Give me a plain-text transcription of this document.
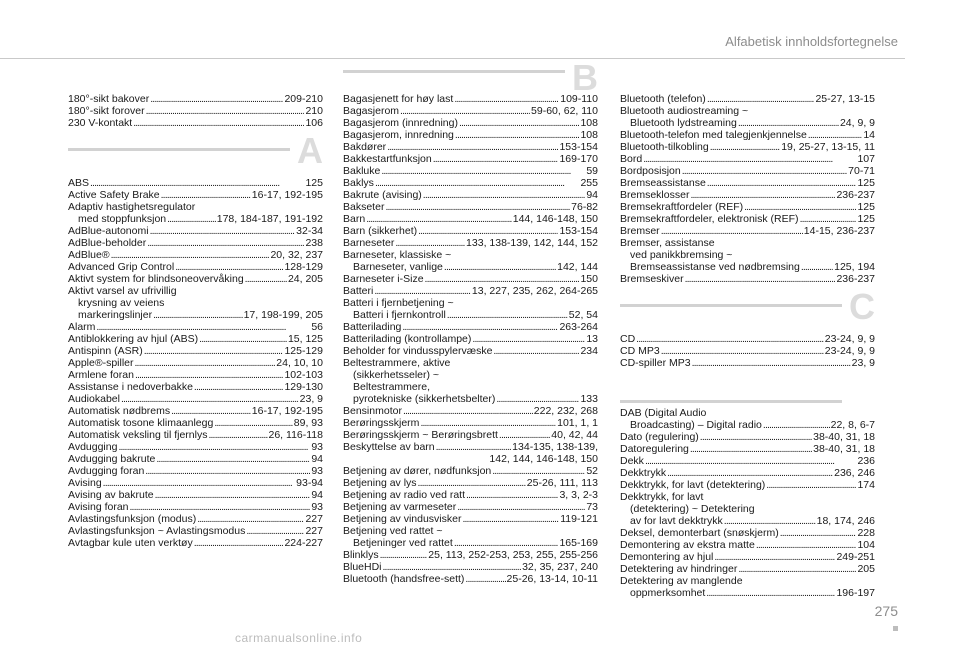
Alfabetisk innholdsfortegnelse
B
180°-sikt bakover . . .	209-210
180°-sikt forover . . .	210
230 V-kontakt . . .	106
A
ABS . . .	125
Active Safety Brake . . .	16-17, 192-195
Adaptiv hastighetsregulator
med stoppfunksjon . . .	178, 184-187, 191-192
AdBlue-autonomi . . .	32-34
AdBlue-beholder . . .	238
AdBlue® . . .	20, 32, 237
Advanced Grip Control . . .	128-129
Aktivt system for blindsoneovervåking . . .	24, 205
Aktivt varsel av ufrivillig
krysning av veiens
markeringslinjer . . .	17, 198-199, 205
Alarm . . .	56
Antiblokkering av hjul (ABS) . . .	15, 125
Antispinn (ASR) . . .	125-129
Apple®-spiller . . .	24, 10, 10
Armlene foran . . .	102-103
Assistanse i nedoverbakke . . .	129-130
Audiokabel . . .	23, 9
Automatisk nødbrems . . .	16-17, 192-195
Automatisk tosone klimaanlegg . . .	89, 93
Automatisk veksling til fjernlys . . .	26, 116-118
Avdugging . . .	93
Avdugging bakrute . . .	94
Avdugging foran . . .	93
Avising . . .	93-94
Avising av bakrute . . .	94
Avising foran . . .	93
Avlastingsfunksjon (modus) . . .	227
Avlastingsfunksjon ~ Avlastingsmodus . . .	227
Avtagbar kule uten verktøy . . .	224-227
Bagasjenett for høy last . . .	109-110
Bagasjerom . . .	59-60, 62, 110
Bagasjerom (innredning) . . .	108
Bagasjerom, innredning . . .	108
Bakdører . . .	153-154
Bakkestartfunksjon . . .	169-170
Bakluke . . .	59
Baklys . . .	255
Bakrute (avising) . . .	94
Bakseter . . .	76-82
Barn . . .	144, 146-148, 150
Barn (sikkerhet) . . .	153-154
Barneseter . . .	133, 138-139, 142, 144, 152
Barneseter, klassiske ~
Barneseter, vanlige . . .	142, 144
Barneseter i-Size . . .	150
Batteri . . .	13, 227, 235, 262, 264-265
Batteri i fjernbetjening ~
Batteri i fjernkontroll . . .	52, 54
Batterilading . . .	263-264
Batterilading (kontrollampe) . . .	13
Beholder for vindusspylervæske . . .	234
Beltestrammere, aktive
(sikkerhetsseler) ~
Beltestrammere,
pyrotekniske (sikkerhetsbelter) . . .	133
Bensinmotor . . .	222, 232, 268
Berøringsskjerm . . .	101, 1, 1
Berøringsskjerm ~ Berøringsbrett . . .	40, 42, 44
Beskyttelse av barn . . .	134-135, 138-139,
142, 144, 146-148, 150
Betjening av dører, nødfunksjon . . .	52
Betjening av lys . . .	25-26, 111, 113
Betjening av radio ved ratt . . .	3, 3, 2-3
Betjening av varmeseter . . .	73
Betjening av vindusvisker . . .	119-121
Betjening ved rattet ~
Betjeninger ved rattet . . .	165-169
Blinklys . . .	25, 113, 252-253, 253, 255, 255-256
BlueHDi . . .	32, 35, 237, 240
Bluetooth (handsfree-sett) . . .	25-26, 13-14, 10-11
Bluetooth (telefon) . . .	25-27, 13-15
Bluetooth audiostreaming ~
Bluetooth lydstreaming . . .	24, 9, 9
Bluetooth-telefon med talegjenkjennelse . . .	14
Bluetooth-tilkobling . . .	19, 25-27, 13-15, 11
Bord . . .	107
Bordposisjon . . .	70-71
Bremseassistanse . . .	125
Bremseklosser . . .	236-237
Bremsekraftfordeler (REF) . . .	125
Bremsekraftfordeler, elektronisk (REF) . . .	125
Bremser . . .	14-15, 236-237
Bremser, assistanse
ved panikkbremsing ~
Bremseassistanse ved nødbremsing . . .	125, 194
Bremseskiver . . .	236-237
C
CD . . .	23-24, 9, 9
CD MP3 . . .	23-24, 9, 9
CD-spiller MP3 . . .	23, 9
D
DAB (Digital Audio
Broadcasting) – Digital radio . . .	22, 8, 6-7
Dato (regulering) . . .	38-40, 31, 18
Datoregulering . . .	38-40, 31, 18
Dekk . . .	236
Dekktrykk . . .	236, 246
Dekktrykk, for lavt (detektering) . . .	174
Dekktrykk, for lavt
(detektering) ~ Detektering
av for lavt dekktrykk . . .	18, 174, 246
Deksel, demonterbart (snøskjerm) . . .	228
Demontering av ekstra matte . . .	104
Demontering av hjul . . .	249-251
Detektering av hindringer . . .	205
Detektering av manglende
oppmerksomhet . . .	196-197
275
carmanualsonline.info
